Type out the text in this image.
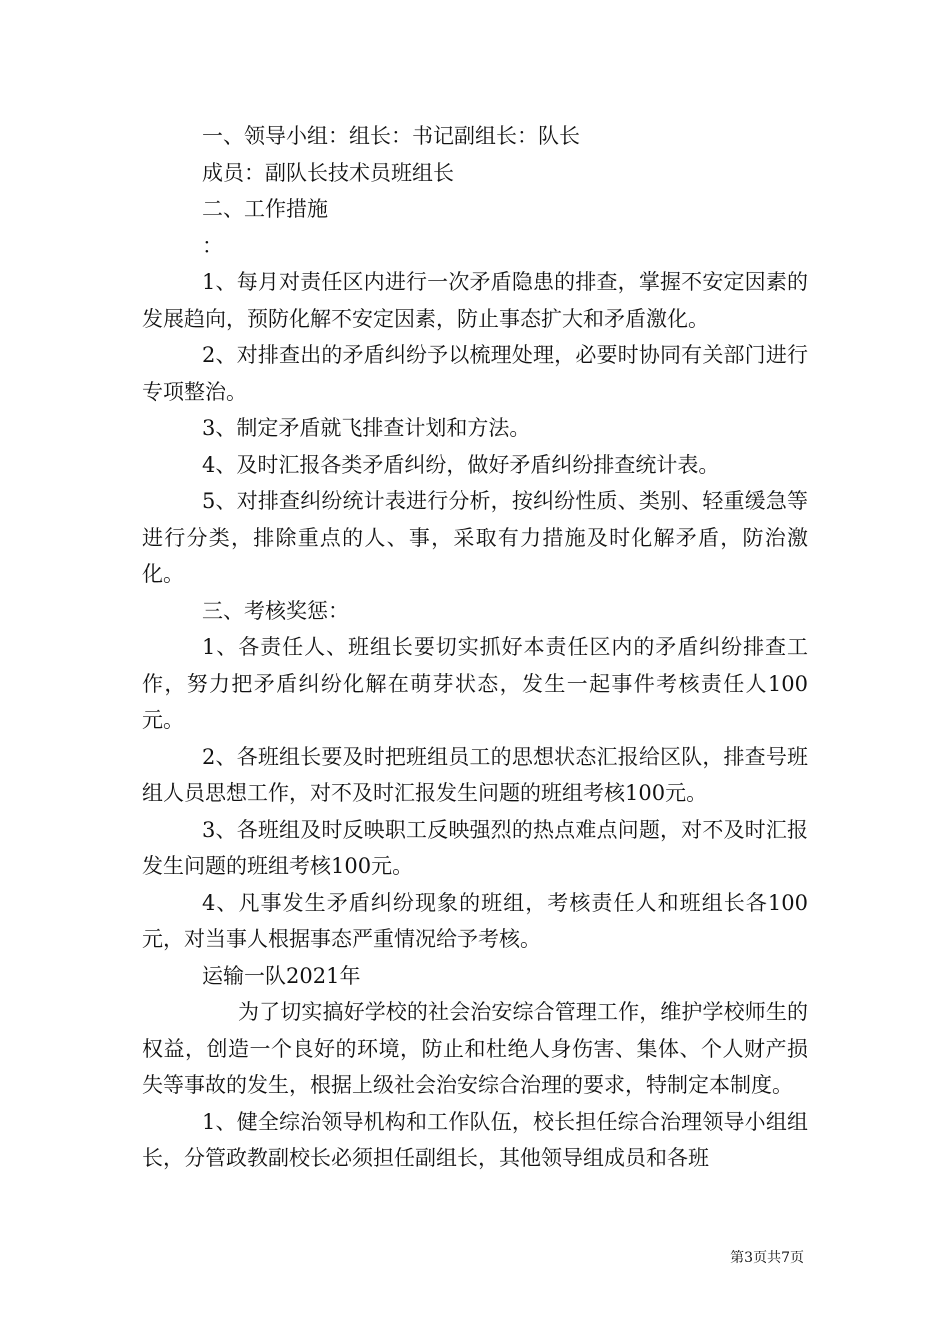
一、领导小组：组长：书记副组长：队长

成员：副队长技术员班组长

二、工作措施

：

1、每月对责任区内进行一次矛盾隐患的排查，掌握不安定因素的发展趋向，预防化解不安定因素，防止事态扩大和矛盾激化。

2、对排查出的矛盾纠纷予以梳理处理，必要时协同有关部门进行专项整治。

3、制定矛盾就飞排查计划和方法。

4、及时汇报各类矛盾纠纷，做好矛盾纠纷排查统计表。

5、对排查纠纷统计表进行分析，按纠纷性质、类别、轻重缓急等进行分类，排除重点的人、事，采取有力措施及时化解矛盾，防治激化。

三、考核奖惩：

1、各责任人、班组长要切实抓好本责任区内的矛盾纠纷排查工作，努力把矛盾纠纷化解在萌芽状态，发生一起事件考核责任人100元。

2、各班组长要及时把班组员工的思想状态汇报给区队，排查号班组人员思想工作，对不及时汇报发生问题的班组考核100元。

3、各班组及时反映职工反映强烈的热点难点问题，对不及时汇报发生问题的班组考核100元。

4、凡事发生矛盾纠纷现象的班组，考核责任人和班组长各100元，对当事人根据事态严重情况给予考核。

运输一队2021年

为了切实搞好学校的社会治安综合管理工作，维护学校师生的权益，创造一个良好的环境，防止和杜绝人身伤害、集体、个人财产损失等事故的发生，根据上级社会治安综合治理的要求，特制定本制度。

1、健全综治领导机构和工作队伍，校长担任综合治理领导小组组长，分管政教副校长必须担任副组长，其他领导组成员和各班

第3页共7页
